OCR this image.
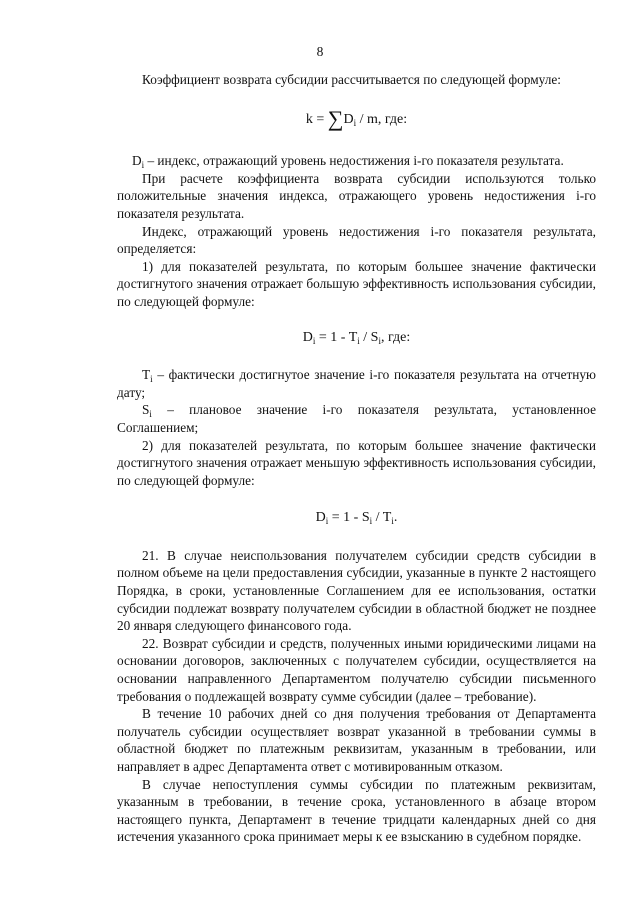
8

Коэффициент возврата субсидии рассчитывается по следующей формуле:

$k = \sum D_i / m$, где:

$D_i$ – индекс, отражающий уровень недостижения i-го показателя результата.

При расчете коэффициента возврата субсидии используются только положительные значения индекса, отражающего уровень недостижения i-го показателя результата.

Индекс, отражающий уровень недостижения i-го показателя результата, определяется:

1) для показателей результата, по которым большее значение фактически достигнутого значения отражает большую эффективность использования субсидии, по следующей формуле:

$D_i = 1 - T_i / S_i$, где:

$T_i$ – фактически достигнутое значение i-го показателя результата на отчетную дату;

$S_i$ – плановое значение i-го показателя результата, установленное Соглашением;

2) для показателей результата, по которым большее значение фактически достигнутого значения отражает меньшую эффективность использования субсидии, по следующей формуле:

$D_i = 1 - S_i / T_i$.

21. В случае неиспользования получателем субсидии средств субсидии в полном объеме на цели предоставления субсидии, указанные в пункте 2 настоящего Порядка, в сроки, установленные Соглашением для ее использования, остатки субсидии подлежат возврату получателем субсидии в областной бюджет не позднее 20 января следующего финансового года.

22. Возврат субсидии и средств, полученных иными юридическими лицами на основании договоров, заключенных с получателем субсидии, осуществляется на основании направленного Департаментом получателю субсидии письменного требования о подлежащей возврату сумме субсидии (далее – требование).

В течение 10 рабочих дней со дня получения требования от Департамента получатель субсидии осуществляет возврат указанной в требовании суммы в областной бюджет по платежным реквизитам, указанным в требовании, или направляет в адрес Департамента ответ с мотивированным отказом.

В случае непоступления суммы субсидии по платежным реквизитам, указанным в требовании, в течение срока, установленного в абзаце втором настоящего пункта, Департамент в течение тридцати календарных дней со дня истечения указанного срока принимает меры к ее взысканию в судебном порядке.
